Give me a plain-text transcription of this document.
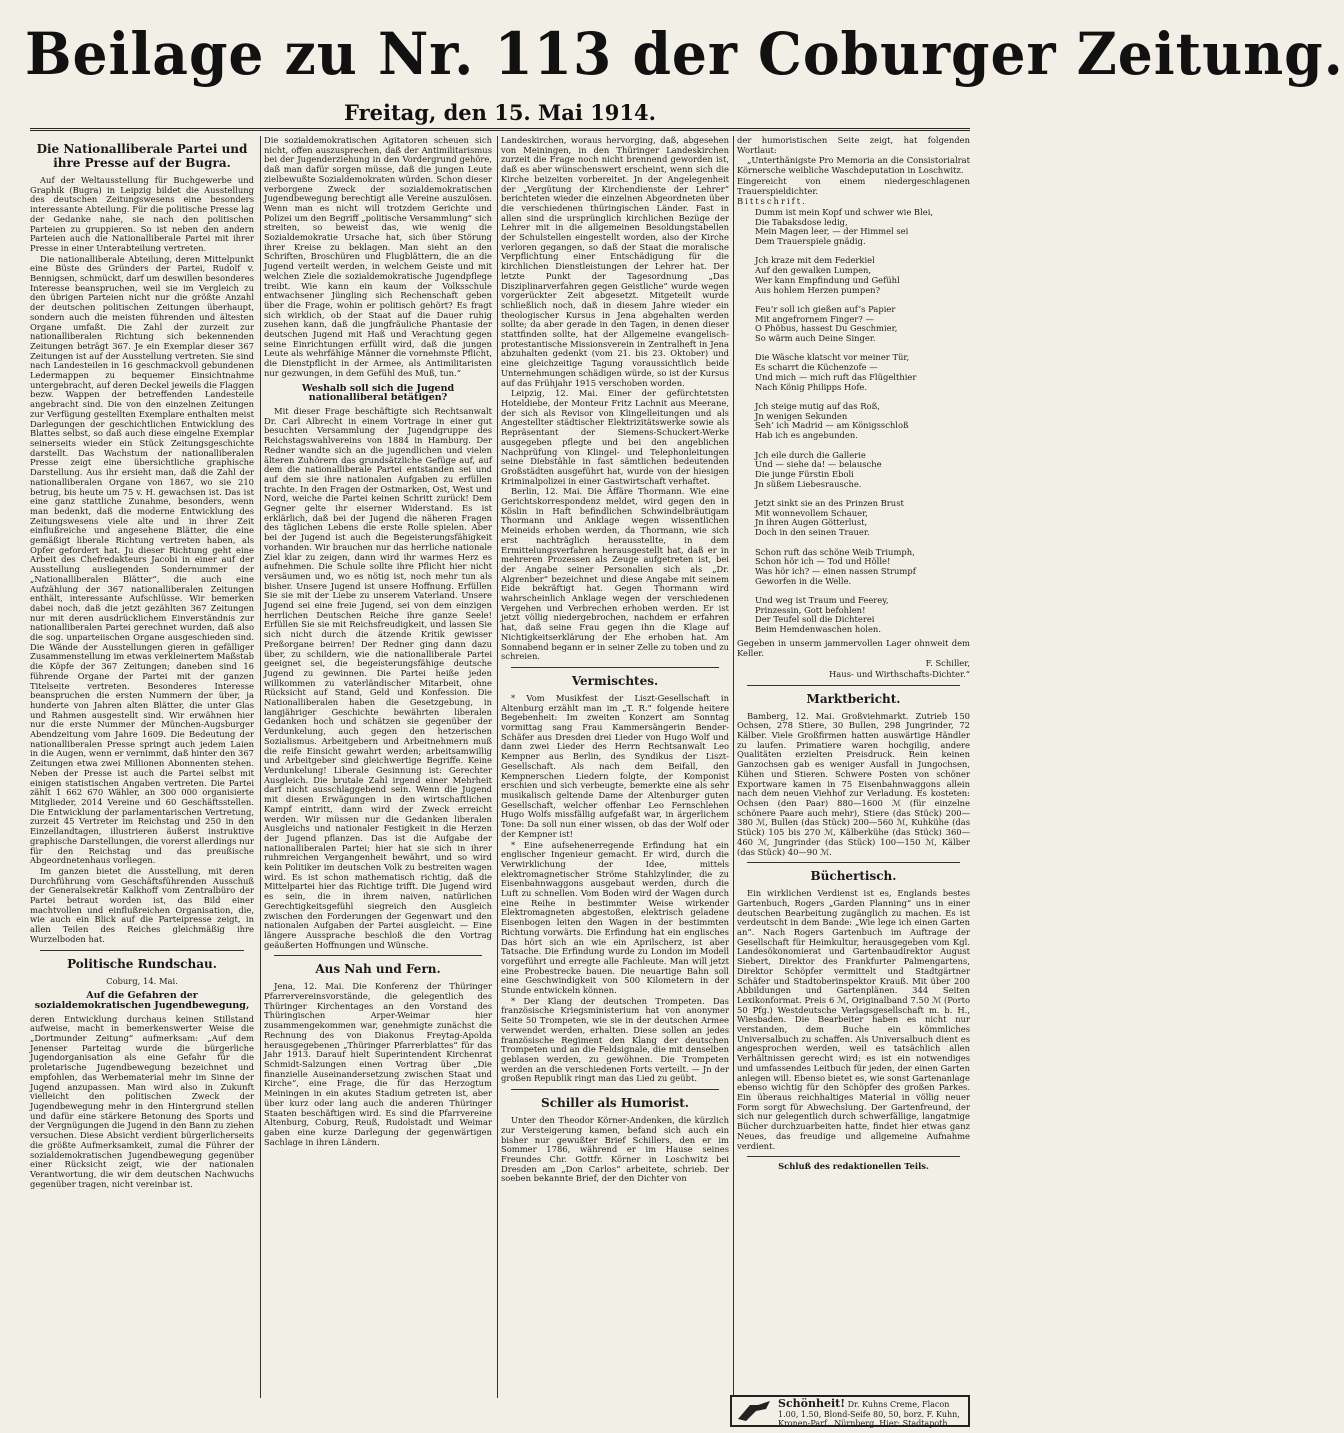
Beilage zu Nr. 113 der Coburger Zeitung.
Freitag, den 15. Mai 1914.
Die Nationalliberale Partei und ihre Presse auf der Bugra.

Auf der Weltausstellung für Buchgewerbe und Graphik (Bugra) in Leipzig bildet die Ausstellung des deutschen Zeitungswesens eine besonders interessante Abteilung. Für die politische Presse lag der Gedanke nahe, sie nach den politischen Parteien zu gruppieren. So ist neben den andern Parteien auch die Nationalliberale Partei mit ihrer Presse in einer Unterabteilung vertreten.

Die nationalliberale Abteilung, deren Mittelpunkt eine Büste des Gründers der Partei, Rudolf v. Bennigsen, schmückt, darf um deswillen besonderes Interesse beanspruchen, weil sie im Vergleich zu den übrigen Parteien nicht nur die größte Anzahl der deutschen politischen Zeitungen überhaupt, sondern auch die meisten führenden und ältesten Organe umfaßt. Die Zahl der zurzeit zur nationalliberalen Richtung sich bekennenden Zeitungen beträgt 367. Je ein Exemplar dieser 367 Zeitungen ist auf der Ausstellung vertreten. Sie sind nach Landesteilen in 16 geschmackvoll gebundenen Ledermappen zu bequemer Einsichtnahme untergebracht, auf deren Deckel jeweils die Flaggen bezw. Wappen der betreffenden Landesteile angebracht sind. Die von den einzelnen Zeitungen zur Verfügung gestellten Exemplare enthalten meist Darlegungen der geschichtlichen Entwicklung des Blattes selbst, so daß auch diese eingelne Exemplar seinerseits wieder ein Stück Zeitungsgeschichte darstellt. Das Wachstum der nationalliberalen Presse zeigt eine übersichtliche graphische Darstellung. Aus ihr ersieht man, daß die Zahl der nationalliberalen Organe von 1867, wo sie 210 betrug, bis heute um 75 v. H. gewachsen ist. Das ist eine ganz stattliche Zunahme, besonders, wenn man bedenkt, daß die moderne Entwicklung des Zeitungswesens viele alte und in ihrer Zeit einflußreiche und angesehene Blätter, die eine gemäßigt liberale Richtung vertreten haben, als Opfer gefordert hat. Ju dieser Richtung geht eine Arbeit des Chefredakteurs Jacobi in einer auf der Ausstellung ausliegenden Sondernummer der „Nationalliberalen Blätter“, die auch eine Aufzählung der 367 nationalliberalen Zeitungen enthält, interessante Aufschlüsse. Wir bemerken dabei noch, daß die jetzt gezählten 367 Zeitungen nur mit deren ausdrücklichem Einverständnis zur nationalliberalen Partei gerechnet wurden, daß also die sog. unparteiischen Organe ausgeschieden sind. Die Wände der Ausstellungen gieren in gefälliger Zusammenstellung im etwas verkleinertem Maßstab die Köpfe der 367 Zeitungen; daneben sind 16 führende Organe der Partei mit der ganzen Titelseite vertreten. Besonderes Interesse beanspruchen die ersten Nummern der über, ja hunderte von Jahren alten Blätter, die unter Glas und Rahmen ausgestellt sind. Wir erwähnen hier nur die erste Nummer der München-Augsburger Abendzeitung vom Jahre 1609. Die Bedeutung der nationalliberalen Presse springt auch jedem Laien in die Augen, wenn er vernimmt, daß hinter den 367 Zeitungen etwa zwei Millionen Abonnenten stehen. Neben der Presse ist auch die Partei selbst mit einigen statistischen Angaben vertreten. Die Partei zählt 1 662 670 Wähler, an 300 000 organisierte Mitglieder, 2014 Vereine und 60 Geschäftsstellen. Die Entwicklung der parlamentarischen Vertretung, zurzeit 45 Vertreter im Reichstag und 250 in den Einzellandtagen, illustrieren äußerst instruktive graphische Darstellungen, die vorerst allerdings nur für den Reichstag und das preußische Abgeordnetenhaus vorliegen.

Im ganzen bietet die Ausstellung, mit deren Durchführung vom Geschäftsführenden Ausschuß der Generalsekretär Kalkhoff vom Zentralbüro der Partei betraut worden ist, das Bild einer machtvollen und einflußreichen Organisation, die, wie auch ein Blick auf die Parteipresse zeigt, in allen Teilen des Reiches gleichmäßig ihre Wurzelboden hat.

Politische Rundschau.

Coburg, 14. Mai.

Auf die Gefahren der sozialdemokratischen Jugendbewegung,

deren Entwicklung durchaus keinen Stillstand aufweise, macht in bemerkenswerter Weise die „Dortmunder Zeitung“ aufmerksam: „Auf dem Jenenser Parteitag wurde die bürgerliche Jugendorganisation als eine Gefahr für die proletarische Jugendbewegung bezeichnet und empfohlen, das Werbematerial mehr im Sinne der Jugend anzupassen. Man wird also in Zukunft vielleicht den politischen Zweck der Jugendbewegung mehr in den Hintergrund stellen und dafür eine stärkere Betonung des Sports und der Vergnügungen die Jugend in den Bann zu ziehen versuchen. Diese Absicht verdient bürgerlicherseits die größte Aufmerksamkeit, zumal die Führer der sozialdemokratischen Jugendbewegung gegenüber einer Rücksicht zeigt, wie der nationalen Verantwortung, die wir dem deutschen Nachwuchs gegenüber tragen, nicht vereinbar ist.

Die sozialdemokratischen Agitatoren scheuen sich nicht, offen auszusprechen, daß der Antimilitarismus bei der Jugenderziehung in den Vordergrund gehöre, daß man dafür sorgen müsse, daß die jungen Leute zielbewußte Sozialdemokraten würden. Schon dieser verborgene Zweck der sozialdemokratischen Jugendbewegung berechtigt alle Vereine auszulösen. Wenn man es nicht will trotzdem Gerichte und Polizei um den Begriff „politische Versammlung“ sich streiten, so beweist das, wie wenig die Sozialdemokratie Ursache hat, sich über Störung ihrer Kreise zu beklagen. Man sieht an den Schriften, Broschüren und Flugblättern, die an die Jugend verteilt werden, in welchem Geiste und mit welchen Ziele die sozialdemokratische Jugendpflege treibt. Wie kann ein kaum der Volksschule entwachsener Jüngling sich Rechenschaft geben über die Frage, wohin er politisch gehört? Es fragt sich wirklich, ob der Staat auf die Dauer ruhig zusehen kann, daß die jungfräuliche Phantasie der deutschen Jugend mit Haß und Verachtung gegen seine Einrichtungen erfüllt wird, daß die jungen Leute als wehrfähige Männer die vornehmste Pflicht, die Dienstpflicht in der Armee, als Antimilitaristen nur gezwungen, in dem Gefühl des Muß, tun.“

Weshalb soll sich die Jugend nationalliberal betätigen?

Mit dieser Frage beschäftigte sich Rechtsanwalt Dr. Carl Albrecht in einem Vortrage in einer gut besuchten Versammlung der Jugendgruppe des Reichstagswahlvereins von 1884 in Hamburg. Der Redner wandte sich an die jugendlichen und vielen älteren Zuhörern das grundsätzliche Gefüge auf, auf dem die nationalliberale Partei entstanden sei und auf dem sie ihre nationalen Aufgaben zu erfüllen trachte. In den Fragen der Ostmarken, Ost, West und Nord, weiche die Partei keinen Schritt zurück! Dem Gegner gelte ihr eiserner Widerstand. Es ist erklärlich, daß bei der Jugend die näheren Fragen des täglichen Lebens die erste Rolle spielen. Aber bei der Jugend ist auch die Begeisterungsfähigkeit vorhanden. Wir brauchen nur das herrliche nationale Ziel klar zu zeigen, dann wird ihr warmes Herz es aufnehmen. Die Schule sollte ihre Pflicht hier nicht versäumen und, wo es nötig ist, noch mehr tun als bisher. Unsere Jugend ist unsere Hoffnung. Erfüllen Sie sie mit der Liebe zu unserem Vaterland. Unsere Jugend sei eine freie Jugend, sei von dem einzigen herrlichen Deutschen Reiche ihre ganze Seele! Erfüllen Sie sie mit Reichsfreudigkeit, und lassen Sie sich nicht durch die ätzende Kritik gewisser Preßorgane beirren! Der Redner ging dann dazu über, zu schildern, wie die nationalliberale Partei geeignet sei, die begeisterungsfähige deutsche Jugend zu gewinnen. Die Partei heiße jeden willkommen zu vaterländischer Mitarbeit, ohne Rücksicht auf Stand, Geld und Konfession. Die Nationalliberalen haben die Gesetzgebung, in langjähriger Geschichte bewährten liberalen Gedanken hoch und schätzen sie gegenüber der Verdunkelung, auch gegen den hetzerischen Sozialismus. Arbeitgebern und Arbeitnehmern muß die reife Einsicht gewahrt werden; arbeitsamwillig und Arbeitgeber sind gleichwertige Begriffe. Keine Verdunkelung! Liberale Gesinnung ist: Gerechter Ausgleich. Die brutale Zahl irgend einer Mehrheit darf nicht ausschlaggebend sein. Wenn die Jugend mit diesen Erwägungen in den wirtschaftlichen Kampf eintritt, dann wird der Zweck erreicht werden. Wir müssen nur die Gedanken liberalen Ausgleichs und nationaler Festigkeit in die Herzen der Jugend pflanzen. Das ist die Aufgabe der nationalliberalen Partei; hier hat sie sich in ihrer ruhmreichen Vergangenheit bewährt, und so wird kein Politiker im deutschen Volk zu bestreiten wagen wird. Es ist schon mathematisch richtig, daß die Mittelpartei hier das Richtige trifft. Die Jugend wird es sein, die in ihrem naiven, natürlichen Gerechtigkeitsgefühl siegreich den Ausgleich zwischen den Forderungen der Gegenwart und den nationalen Aufgaben der Partei ausgleicht. — Eine längere Aussprache beschloß die den Vortrag geäußerten Hoffnungen und Wünsche.

Aus Nah und Fern.

Jena, 12. Mai. Die Konferenz der Thüringer Pfarrervereinsvorstände, die gelegentlich des Thüringer Kirchentages an den Vorstand des Thüringischen Arper-Weimar hier zusammengekommen war, genehmigte zunächst die Rechnung des von Diakonus Freytag-Apolda herausgegebenen „Thüringer Pfarrerblattes“ für das Jahr 1913. Darauf hielt Superintendent Kirchenrat Schmidt-Salzungen einen Vortrag über „Die finanzielle Auseinandersetzung zwischen Staat und Kirche“, eine Frage, die für das Herzogtum Meiningen in ein akutes Stadium getreten ist, aber über kurz oder lang auch die anderen Thüringer Staaten beschäftigen wird. Es sind die Pfarrvereine Altenburg, Coburg, Reuß, Rudolstadt und Weimar gaben eine kurze Darlegung der gegenwärtigen Sachlage in ihren Ländern.

Landeskirchen, woraus hervorging, daß, abgesehen von Meiningen, in den Thüringer Landeskirchen zurzeit die Frage noch nicht brennend geworden ist, daß es aber wünschenswert erscheint, wenn sich die Kirche beizeiten vorbereitet. Jn der Angelegenheit der „Vergütung der Kirchendienste der Lehrer“ berichteten wieder die einzelnen Abgeordneten über die verschiedenen thüringischen Länder. Fast in allen sind die ursprünglich kirchlichen Bezüge der Lehrer mit in die allgemeinen Besoldungstabellen der Schulstellen eingestellt worden, also der Kirche verloren gegangen, so daß der Staat die moralische Verpflichtung einer Entschädigung für die kirchlichen Dienstleistungen der Lehrer hat. Der letzte Punkt der Tagesordnung „Das Disziplinarverfahren gegen Geistliche“ wurde wegen vorgerückter Zeit abgesetzt. Mitgeteilt wurde schließlich noch, daß in diesem Jahre wieder ein theologischer Kursus in Jena abgehalten werden sollte; da aber gerade in den Tagen, in denen dieser stattfinden sollte, hat der Allgemeine evangelisch-protestantische Missionsverein in Zentralheft in Jena abzuhalten gedenkt (vom 21. bis 23. Oktober) und eine gleichzeitige Tagung voraussichtlich beide Unternehmungen schädigen würde, so ist der Kursus auf das Frühjahr 1915 verschoben worden.

Leipzig, 12. Mai. Einer der gefürchtetsten Hoteldiebe, der Monteur Fritz Lachnit aus Meerane, der sich als Revisor von Klingelleitungen und als Angestellter städtischer Elektrizitätswerke sowie als Repräsentant der Siemens-Schuckert-Werke ausgegeben pflegte und bei den angeblichen Nachprüfung von Klingel- und Telephonleitungen seine Diebstähle in fast sämtlichen bedeutenden Großstädten ausgeführt hat, wurde von der hiesigen Kriminalpolizei in einer Gastwirtschaft verhaftet.

Berlin, 12. Mai. Die Äffäre Thormann. Wie eine Gerichtskorrespondenz meldet, wird gegen den in Köslin in Haft befindlichen Schwindelbräutigam Thormann und Anklage wegen wissentlichen Meineids erhoben werden, da Thormann, wie sich erst nachträglich herausstellte, in dem Ermittelungsverfahren herausgestellt hat, daß er in mehreren Prozessen als Zeuge aufgetreten ist, bei der Angabe seiner Personalien sich als „Dr. Algrenber“ bezeichnet und diese Angabe mit seinem Eide bekräftigt hat. Gegen Thormann wird wahrscheinlich Anklage wegen der verschiedenen Vergehen und Verbrechen erhoben werden. Er ist jetzt völlig niedergebrochen, nachdem er erfahren hat, daß seine Frau gegen ihn die Klage auf Nichtigkeitserklärung der Ehe erhoben hat. Am Sonnabend begann er in seiner Zelle zu toben und zu schreien.

Vermischtes.

* Vom Musikfest der Liszt-Gesellschaft in Altenburg erzählt man im „T. R.“ folgende heitere Begebenheit: Im zweiten Konzert am Sonntag vormittag sang Frau Kammersängerin Bender-Schäfer aus Dresden drei Lieder von Hugo Wolf und dann zwei Lieder des Herrn Rechtsanwalt Leo Kempner aus Berlin, des Syndikus der Liszt-Gesellschaft. Als nach dem Beifall, den Kempnerschen Liedern folgte, der Komponist erschien und sich verbeugte, bemerkte eine als sehr musikalisch geltende Dame der Altenburger guten Gesellschaft, welcher offenbar Leo Fernschlehen Hugo Wolfs missfällig aufgefaßt war, in ärgerlichem Tone: Da soll nun einer wissen, ob das der Wolf oder der Kempner ist!

* Eine aufsehenerregende Erfindung hat ein englischer Ingenieur gemacht. Er wird, durch die Verwirklichung der Idee, mittels elektromagnetischer Ströme Stahlzylinder, die zu Eisenbahnwaggons ausgebaut werden, durch die Luft zu schnellen. Vom Boden wird der Wagen durch eine Reihe in bestimmter Weise wirkender Elektromagneten abgestoßen, elektrisch geladene Eisenbogen leiten den Wagen in der bestimmten Richtung vorwärts. Die Erfindung hat ein englisches Das hört sich an wie ein Aprilscherz, ist aber Tatsache. Die Erfindung wurde zu London im Modell vorgeführt und erregte alle Fachleute. Man will jetzt eine Probestrecke bauen. Die neuartige Bahn soll eine Geschwindigkeit von 500 Kilometern in der Stunde entwickeln können.

* Der Klang der deutschen Trompeten. Das französische Kriegsministerium hat von anonymer Seite 50 Trompeten, wie sie in der deutschen Armee verwendet werden, erhalten. Diese sollen an jedes französische Regiment den Klang der deutschen Trompeten und an die Feldsignale, die mit denselben geblasen werden, zu gewöhnen. Die Trompeten werden an die verschiedenen Forts verteilt. — Jn der großen Republik ringt man das Lied zu geübt.

Schiller als Humorist.

Unter den Theodor Körner-Andenken, die kürzlich zur Versteigerung kamen, befand sich auch ein bisher nur gewußter Brief Schillers, den er im Sommer 1786, während er im Hause seines Freundes Chr. Gottfr. Körner in Loschwitz bei Dresden am „Don Carlos“ arbeitete, schrieb. Der soeben bekannte Brief, der den Dichter von

der humoristischen Seite zeigt, hat folgenden Wortlaut:

„Unterthänigste Pro Memoria an die Consistorialrat Körnersche weibliche Waschdeputation in Loschwitz.

Eingereicht von einem niedergeschlagenen Trauerspieldichter.

Bittschrift.

Dumm ist mein Kopf und schwer wie Blei,
Die Tabaksdose ledig,
Mein Magen leer, — der Himmel sei
Dem Trauerspiele gnädig.

Jch kraze mit dem Federkiel
Auf den gewalken Lumpen,
Wer kann Empfindung und Gefühl
Aus hohlem Herzen pumpen?

Feu’r soll ich gießen auf’s Papier
Mit angefrornem Finger? —
O Phöbus, hassest Du Geschmier,
So wärm auch Deine Singer.

Die Wäsche klatscht vor meiner Tür,
Es scharrt die Küchenzofe —
Und mich — mich ruft das Flügelthier
Nach König Philipps Hofe.

Jch steige mutig auf das Roß,
Jn wenigen Sekunden
Seh’ ich Madrid — am Königsschloß
Hab ich es angebunden.

Jch eile durch die Gallerie
Und — siehe da! — belausche
Die junge Fürstin Eboli
Jn süßem Liebesrausche.

Jetzt sinkt sie an des Prinzen Brust
Mit wonnevollem Schauer,
Jn ihren Augen Götterlust,
Doch in den seinen Trauer.

Schon ruft das schöne Weib Triumph,
Schon hör ich — Tod und Hölle!
Was hör ich? — einen nassen Strumpf
Geworfen in die Welle.

Und weg ist Traum und Feerey,
Prinzessin, Gott befohlen!
Der Teufel soll die Dichterei
Beim Hemdenwaschen holen.

Gegeben in unserm jammervollen Lager ohnweit dem Keller.

F. Schiller,

Haus- und Wirthschafts-Dichter.“

Marktbericht.

Bamberg, 12. Mai. Großviehmarkt. Zutrieb 150 Ochsen, 278 Stiere, 30 Bullen, 298 Jungrinder, 72 Kälber. Viele Großfirmen hatten auswärtige Händler zu laufen. Primatiere waren hochgilig, andere Qualitäten erzielten Preisdruck. Rein keinen Ganzochsen gab es weniger Ausfall in Jungochsen, Kühen und Stieren. Schwere Posten von schöner Exportware kamen in 75 Eisenbahnwaggons allein nach dem neuen Viehhof zur Verladung. Es kosteten: Ochsen (den Paar) 880—1600 ℳ (für einzelne schönere Paare auch mehr), Stiere (das Stück) 200—380 ℳ, Bullen (das Stück) 200—560 ℳ, Kuhkühe (das Stück) 105 bis 270 ℳ, Kälberkühe (das Stück) 360—460 ℳ, Jungrinder (das Stück) 100—150 ℳ, Kälber (das Stück) 40—90 ℳ.

Büchertisch.

Ein wirklichen Verdienst ist es, Englands bestes Gartenbuch, Rogers „Garden Planning“ uns in einer deutschen Bearbeitung zugänglich zu machen. Es ist verdeutscht in dem Bande: „Wie lege ich einen Garten an“. Nach Rogers Gartenbuch im Auftrage der Gesellschaft für Heimkultur, herausgegeben vom Kgl. Landesökonomierat und Gartenbaudirektor August Siebert, Direktor des Frankfurter Palmengartens, Direktor Schöpfer vermittelt und Stadtgärtner Schäfer und Stadtoberinspektor Krauß. Mit über 200 Abbildungen und Gartenplänen. 344 Seiten Lexikonformat. Preis 6 ℳ, Originalband 7.50 ℳ (Porto 50 Pfg.) Westdeutsche Verlagsgesellschaft m. b. H., Wiesbaden. Die Bearbeiter haben es nicht nur verstanden, dem Buche ein kömmliches Universalbuch zu schaffen. Als Universalbuch dient es angesprochen werden, weil es tatsächlich allen Verhältnissen gerecht wird; es ist ein notwendiges und umfassendes Leitbuch für jeden, der einen Garten anlegen will. Ebenso bietet es, wie sonst Gartenanlage ebenso wichtig für den Schöpfer des großen Parkes. Ein überaus reichhaltiges Material in völlig neuer Form sorgt für Abwechslung. Der Gartenfreund, der sich nur gelegentlich durch schwerfällige, langatmige Bücher durchzuarbeiten hatte, findet hier etwas ganz Neues, das freudige und allgemeine Aufnahme verdient.

Schluß des redaktionellen Teils.

Schönheit! Dr. Kuhns Creme, Flacon 1.00, 1.50, Blond-Seife 80, 50, borz. F. Kuhn, Kronen-Parf., Nürnberg. Hier: Stadtapoth.
